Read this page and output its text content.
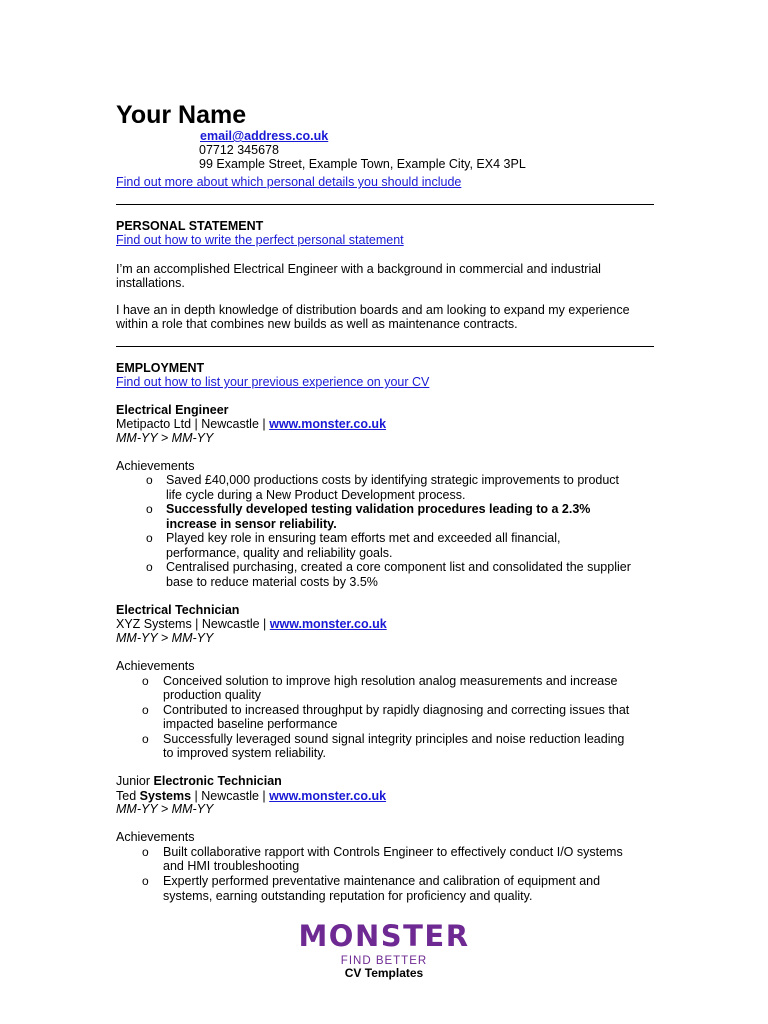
Your Name
email@address.co.uk
07712 345678
99 Example Street, Example Town, Example City, EX4 3PL
Find out more about which personal details you should include
PERSONAL STATEMENT
Find out how to write the perfect personal statement
I’m an accomplished Electrical Engineer with a background in commercial and industrial
installations.
I have an in depth knowledge of distribution boards and am looking to expand my experience
within a role that combines new builds as well as maintenance contracts.
EMPLOYMENT
Find out how to list your previous experience on your CV
Electrical Engineer
Metipacto Ltd | Newcastle | www.monster.co.uk
MM-YY > MM-YY
Achievements
o Saved £40,000 productions costs by identifying strategic improvements to product
life cycle during a New Product Development process.
o Successfully developed testing validation procedures leading to a 2.3%
increase in sensor reliability.
o Played key role in ensuring team efforts met and exceeded all financial,
performance, quality and reliability goals.
o Centralised purchasing, created a core component list and consolidated the supplier
base to reduce material costs by 3.5%
Electrical Technician
XYZ Systems | Newcastle | www.monster.co.uk
MM-YY > MM-YY
Achievements
o Conceived solution to improve high resolution analog measurements and increase
production quality
o Contributed to increased throughput by rapidly diagnosing and correcting issues that
impacted baseline performance
o Successfully leveraged sound signal integrity principles and noise reduction leading
to improved system reliability.
Junior Electronic Technician
Ted Systems | Newcastle | www.monster.co.uk
MM-YY > MM-YY
Achievements
o Built collaborative rapport with Controls Engineer to effectively conduct I/O systems
and HMI troubleshooting
o Expertly performed preventative maintenance and calibration of equipment and
systems, earning outstanding reputation for proficiency and quality.
MONSTER
FIND BETTER
CV Templates
